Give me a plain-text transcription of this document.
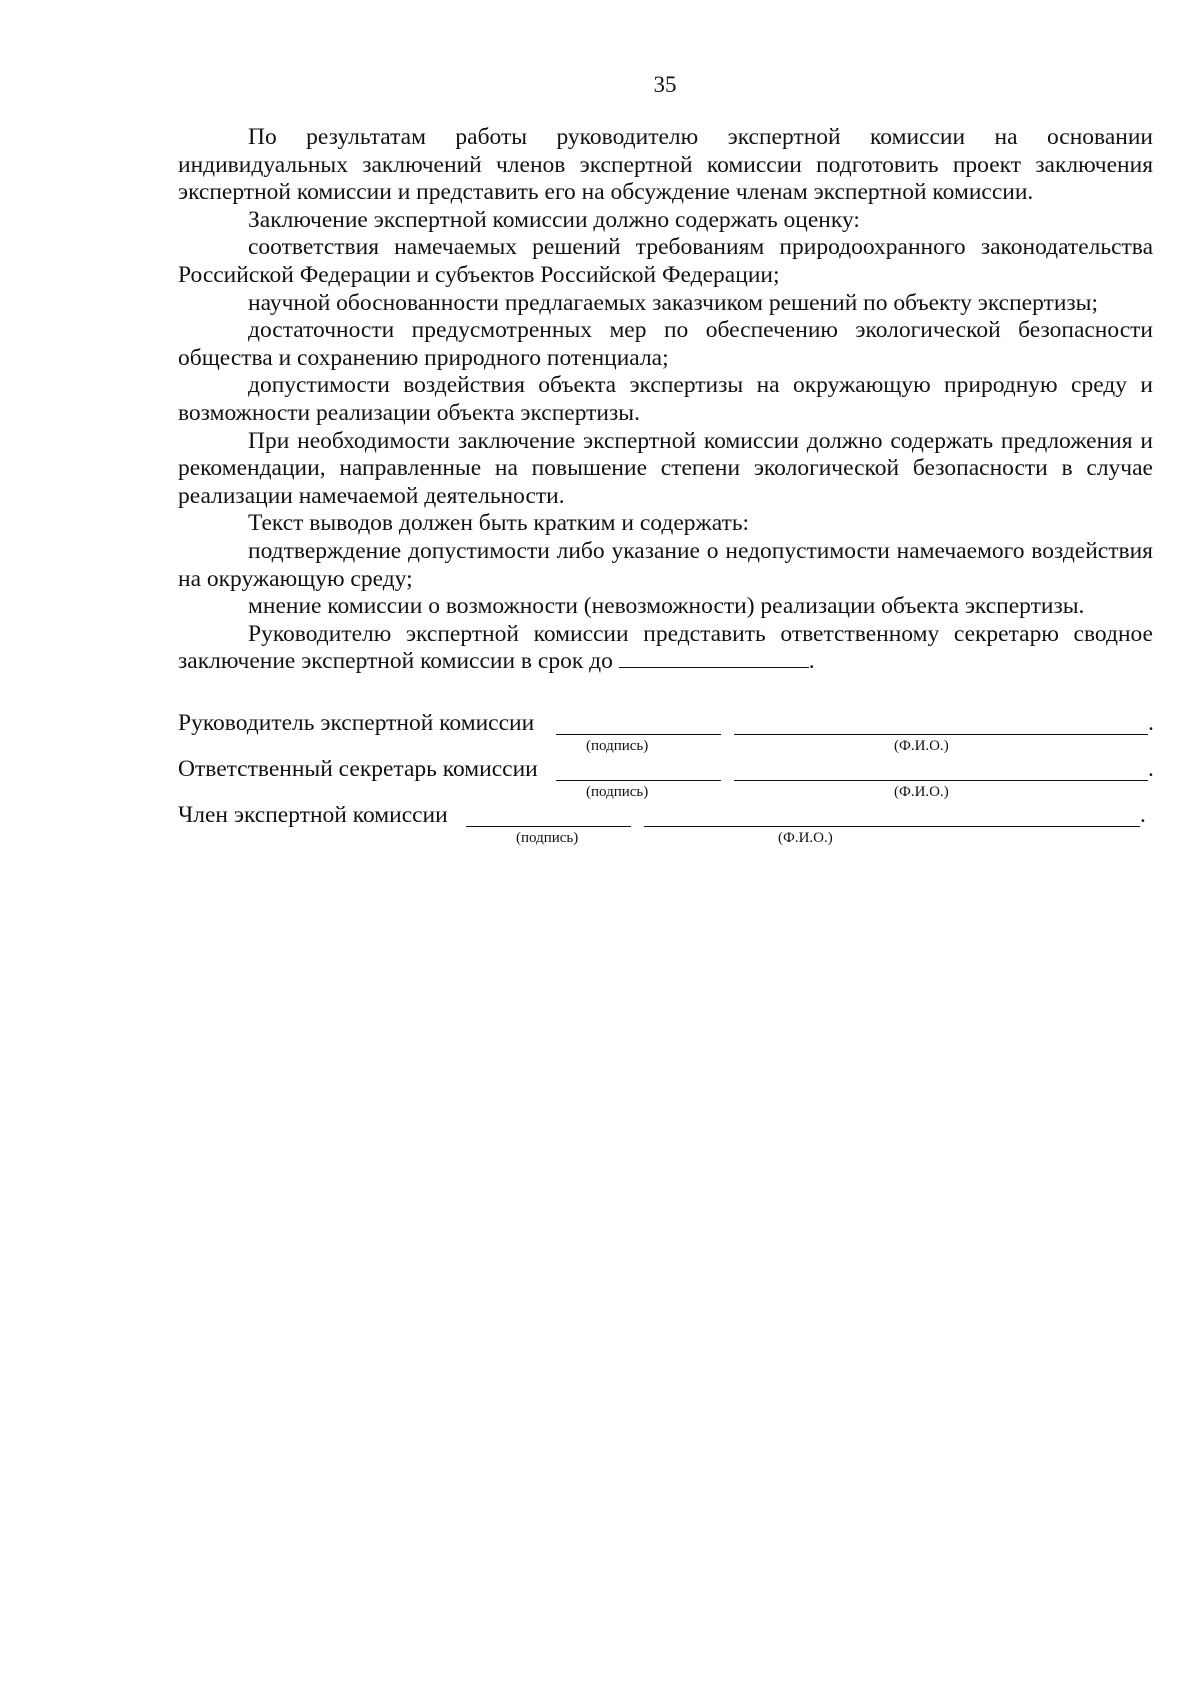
35

По результатам работы руководителю экспертной комиссии на основании индивидуальных заключений членов экспертной комиссии подготовить проект заключения экспертной комиссии и представить его на обсуждение членам экспертной комиссии.

Заключение экспертной комиссии должно содержать оценку:

соответствия намечаемых решений требованиям природоохранного законодательства Российской Федерации и субъектов Российской Федерации;

научной обоснованности предлагаемых заказчиком решений по объекту экспертизы;

достаточности предусмотренных мер по обеспечению экологической безопасности общества и сохранению природного потенциала;

допустимости воздействия объекта экспертизы на окружающую природную среду и возможности реализации объекта экспертизы.

При необходимости заключение экспертной комиссии должно содержать предложения и рекомендации, направленные на повышение степени экологической безопасности в случае реализации намечаемой деятельности.

Текст выводов должен быть кратким и содержать:

подтверждение допустимости либо указание о недопустимости намечаемого воздействия на окружающую среду;

мнение комиссии о возможности (невозможности) реализации объекта экспертизы.

Руководителю экспертной комиссии представить ответственному секретарю сводное заключение экспертной комиссии в срок до	.

Руководитель экспертной комиссии	.
(подпись)	(Ф.И.О.)
Ответственный секретарь комиссии	.
(подпись)	(Ф.И.О.)
Член экспертной комиссии	.
(подпись)	(Ф.И.О.)
